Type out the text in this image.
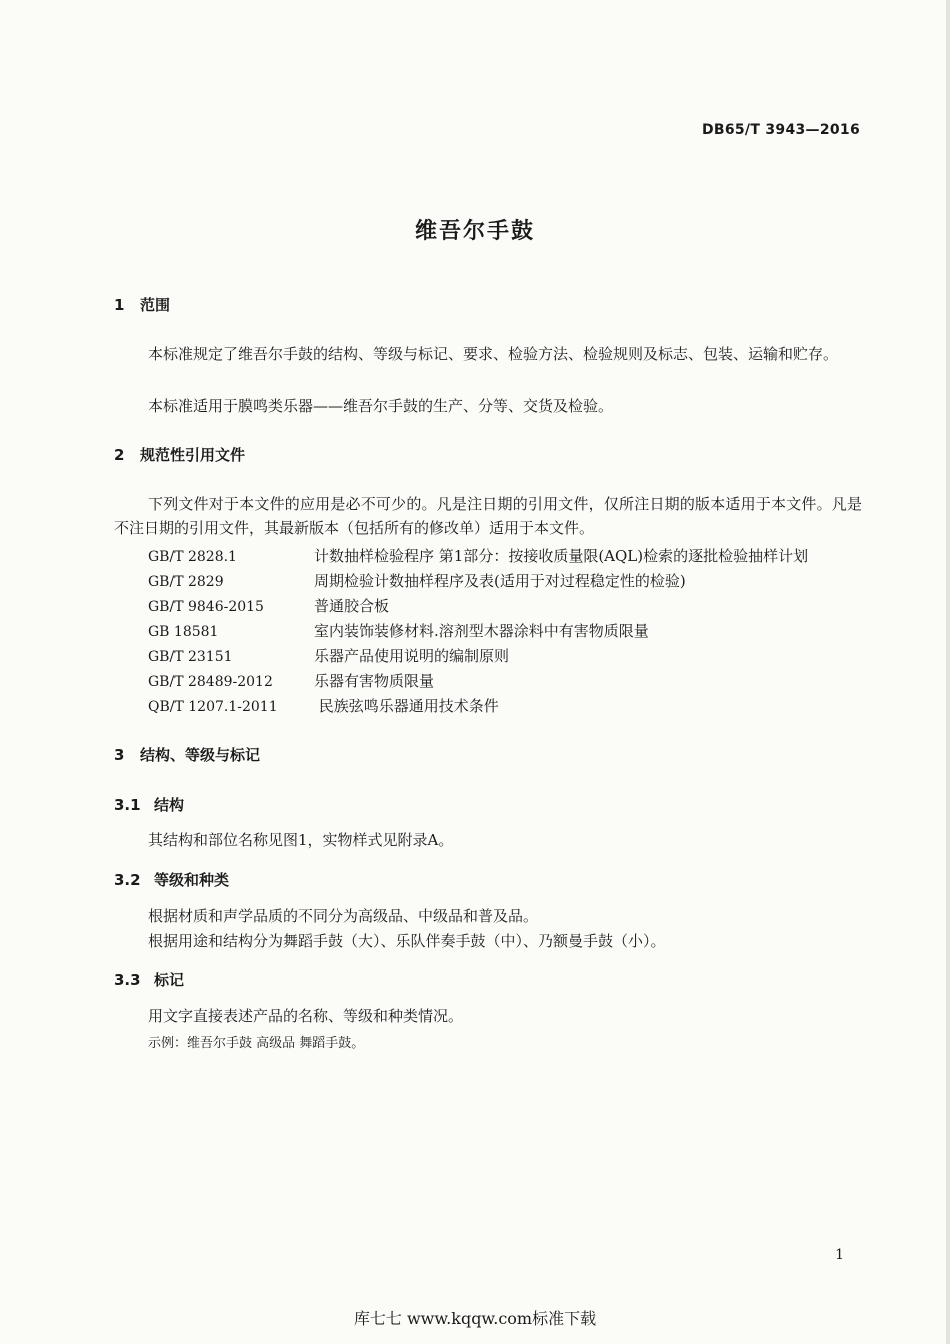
DB65/T 3943—2016
维吾尔手鼓
1 范围
本标准规定了维吾尔手鼓的结构、等级与标记、要求、检验方法、检验规则及标志、包装、运输和贮存。
本标准适用于膜鸣类乐器——维吾尔手鼓的生产、分等、交货及检验。
2 规范性引用文件
下列文件对于本文件的应用是必不可少的。凡是注日期的引用文件，仅所注日期的版本适用于本文件。凡是不注日期的引用文件，其最新版本（包括所有的修改单）适用于本文件。
GB/T 2828.1	计数抽样检验程序 第1部分：按接收质量限(AQL)检索的逐批检验抽样计划
GB/T 2829	周期检验计数抽样程序及表(适用于对过程稳定性的检验)
GB/T 9846-2015	普通胶合板
GB 18581	室内装饰装修材料.溶剂型木器涂料中有害物质限量
GB/T 23151	乐器产品使用说明的编制原则
GB/T 28489-2012	乐器有害物质限量
QB/T 1207.1-2011 民族弦鸣乐器通用技术条件
3 结构、等级与标记
3.1 结构
其结构和部位名称见图1，实物样式见附录A。
3.2 等级和种类
根据材质和声学品质的不同分为高级品、中级品和普及品。
根据用途和结构分为舞蹈手鼓（大）、乐队伴奏手鼓（中）、乃额曼手鼓（小）。
3.3 标记
用文字直接表述产品的名称、等级和种类情况。
示例：维吾尔手鼓 高级品 舞蹈手鼓。
1
库七七 www.kqqw.com标准下载
